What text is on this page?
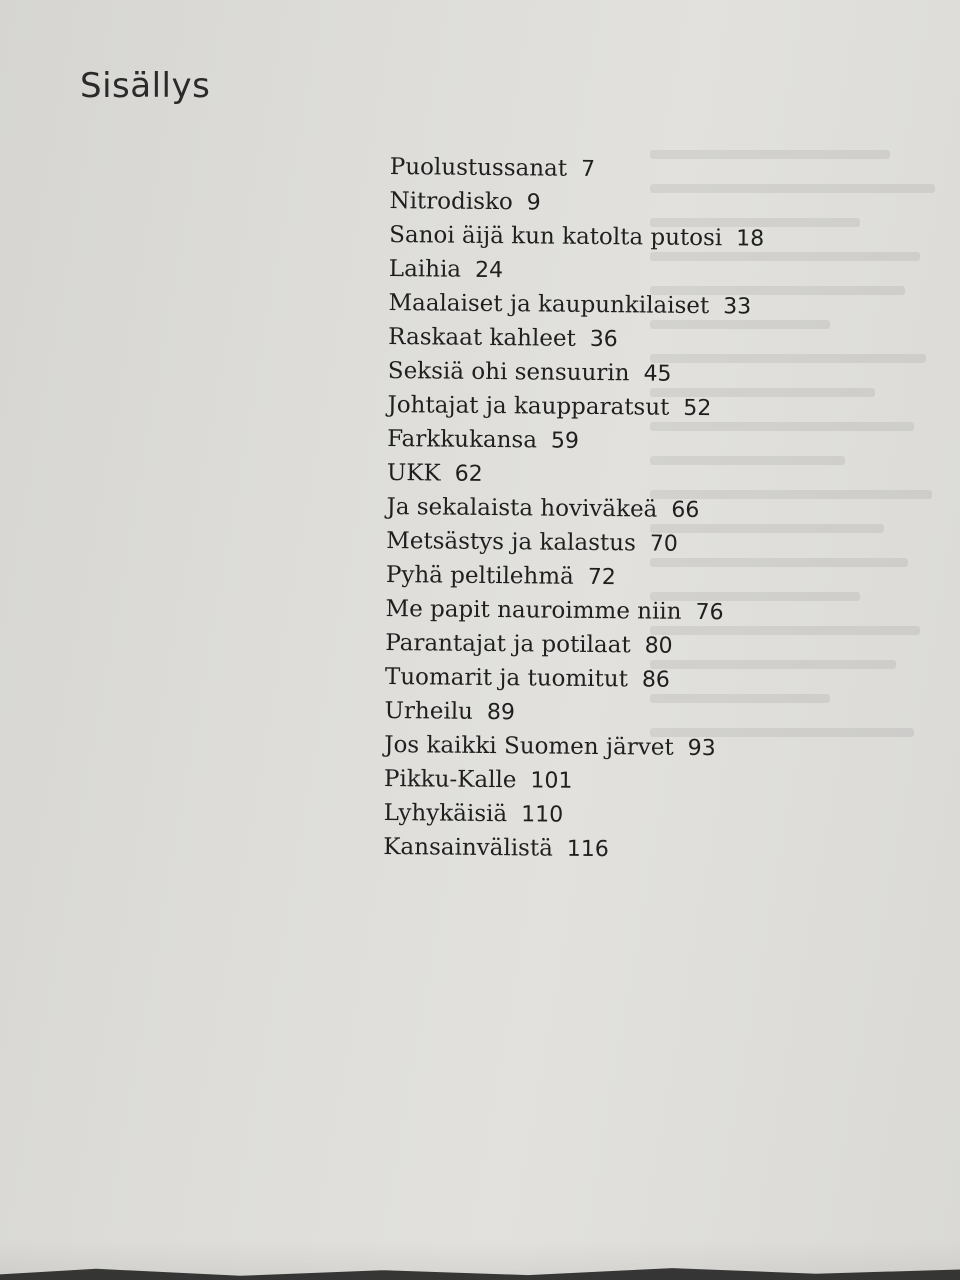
Sisällys
Puolustussanat 7
Nitrodisko 9
Sanoi äijä kun katolta putosi 18
Laihia 24
Maalaiset ja kaupunkilaiset 33
Raskaat kahleet 36
Seksiä ohi sensuurin 45
Johtajat ja kaupparatsut 52
Farkkukansa 59
UKK 62
Ja sekalaista hoviväkeä 66
Metsästys ja kalastus 70
Pyhä peltilehmä 72
Me papit nauroimme niin 76
Parantajat ja potilaat 80
Tuomarit ja tuomitut 86
Urheilu 89
Jos kaikki Suomen järvet 93
Pikku-Kalle 101
Lyhykäisiä 110
Kansainvälistä 116
